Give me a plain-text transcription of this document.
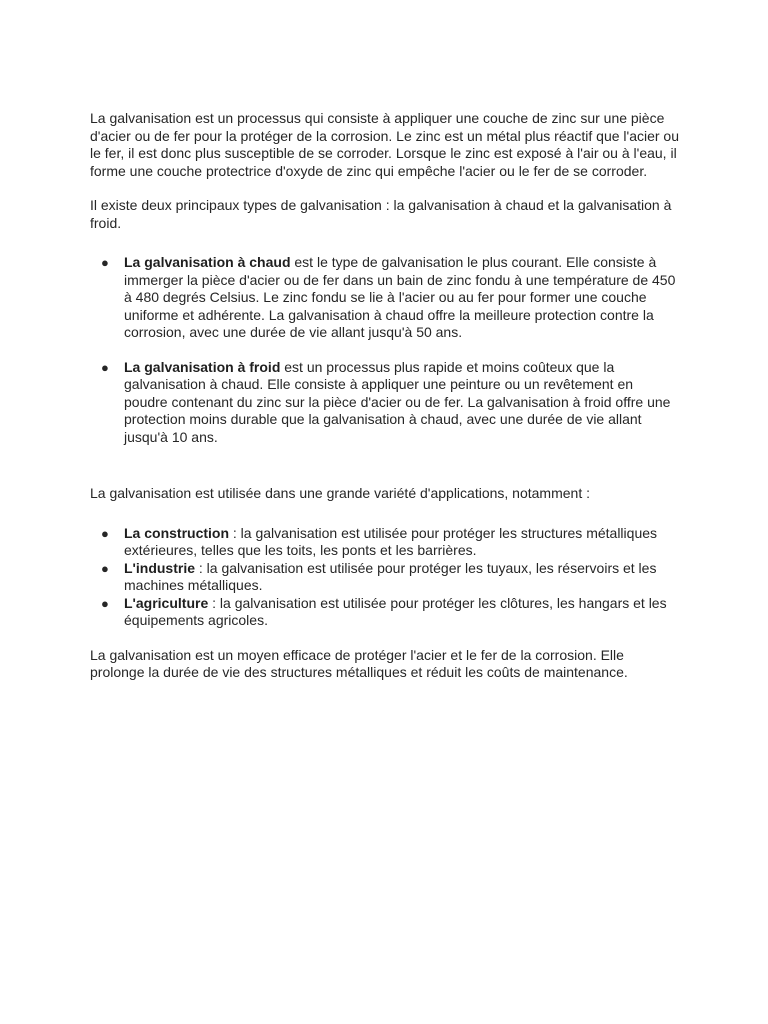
La galvanisation est un processus qui consiste à appliquer une couche de zinc sur une pièce d'acier ou de fer pour la protéger de la corrosion. Le zinc est un métal plus réactif que l'acier ou le fer, il est donc plus susceptible de se corroder. Lorsque le zinc est exposé à l'air ou à l'eau, il forme une couche protectrice d'oxyde de zinc qui empêche l'acier ou le fer de se corroder.

Il existe deux principaux types de galvanisation : la galvanisation à chaud et la galvanisation à froid.

● La galvanisation à chaud est le type de galvanisation le plus courant. Elle consiste à immerger la pièce d'acier ou de fer dans un bain de zinc fondu à une température de 450 à 480 degrés Celsius. Le zinc fondu se lie à l'acier ou au fer pour former une couche uniforme et adhérente. La galvanisation à chaud offre la meilleure protection contre la corrosion, avec une durée de vie allant jusqu'à 50 ans.
● La galvanisation à froid est un processus plus rapide et moins coûteux que la galvanisation à chaud. Elle consiste à appliquer une peinture ou un revêtement en poudre contenant du zinc sur la pièce d'acier ou de fer. La galvanisation à froid offre une protection moins durable que la galvanisation à chaud, avec une durée de vie allant jusqu'à 10 ans.

La galvanisation est utilisée dans une grande variété d'applications, notamment :

● La construction : la galvanisation est utilisée pour protéger les structures métalliques extérieures, telles que les toits, les ponts et les barrières.
● L'industrie : la galvanisation est utilisée pour protéger les tuyaux, les réservoirs et les machines métalliques.
● L'agriculture : la galvanisation est utilisée pour protéger les clôtures, les hangars et les équipements agricoles.

La galvanisation est un moyen efficace de protéger l'acier et le fer de la corrosion. Elle prolonge la durée de vie des structures métalliques et réduit les coûts de maintenance.
